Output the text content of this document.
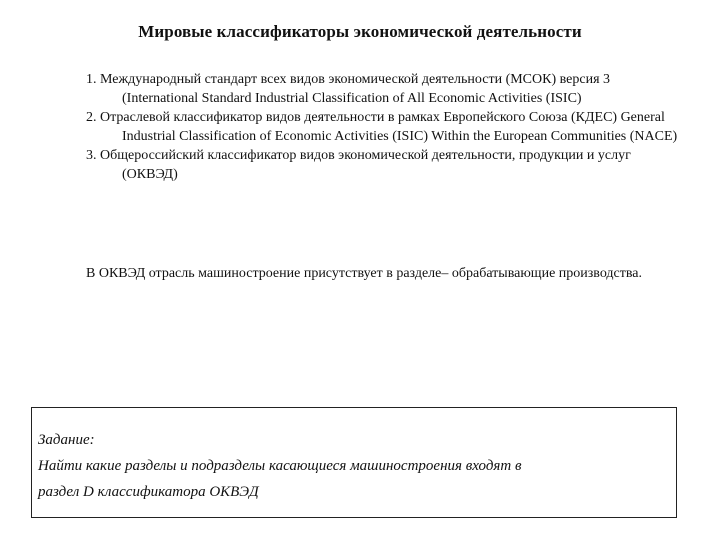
Мировые классификаторы экономической деятельности

1. Международный стандарт всех видов экономической деятельности (МСОК) версия 3 (International Standard Industrial Classification of All Economic Activities (ISIC)

2. Отраслевой классификатор видов деятельности в рамках Европейского Союза (КДЕС) General Industrial Classification of Economic Activities (ISIC) Within the European Communities (NACE)

3. Общероссийский классификатор видов экономической деятельности, продукции и услуг (ОКВЭД)

В ОКВЭД отрасль машиностроение присутствует в разделе– обрабатывающие производства.

Задание:
Найти какие разделы и подразделы касающиеся машиностроения входят в
раздел D классификатора ОКВЭД
